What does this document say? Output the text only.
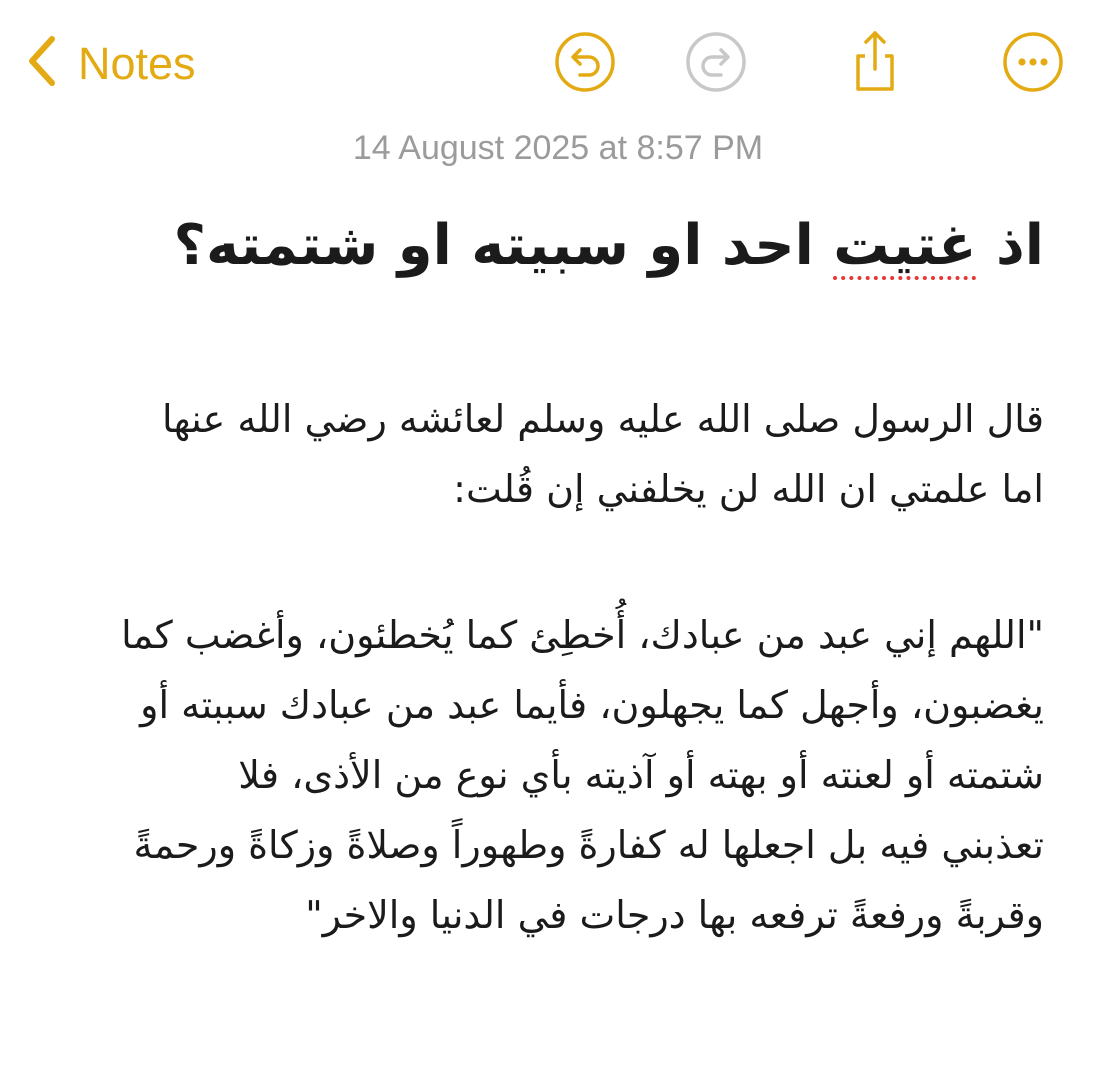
Notes
14 August 2025 at 8:57 PM
اذ غتيت احد او سبيته او شتمته؟

قال الرسول صلى الله عليه وسلم لعائشه رضي الله عنها

اما علمتي ان الله لن يخلفني إن قُلت:

"اللهم إني عبد من عبادك، أُخطِئ كما يُخطئون، وأغضب كما

يغضبون، وأجهل كما يجهلون، فأيما عبد من عبادك سببته أو

شتمته أو لعنته أو بهته أو آذيته بأي نوع من الأذى، فلا

تعذبني فيه بل اجعلها له كفارةً وطهوراً وصلاةً وزكاةً ورحمةً

وقربةً ورفعةً ترفعه بها درجات في الدنيا والاخر"
